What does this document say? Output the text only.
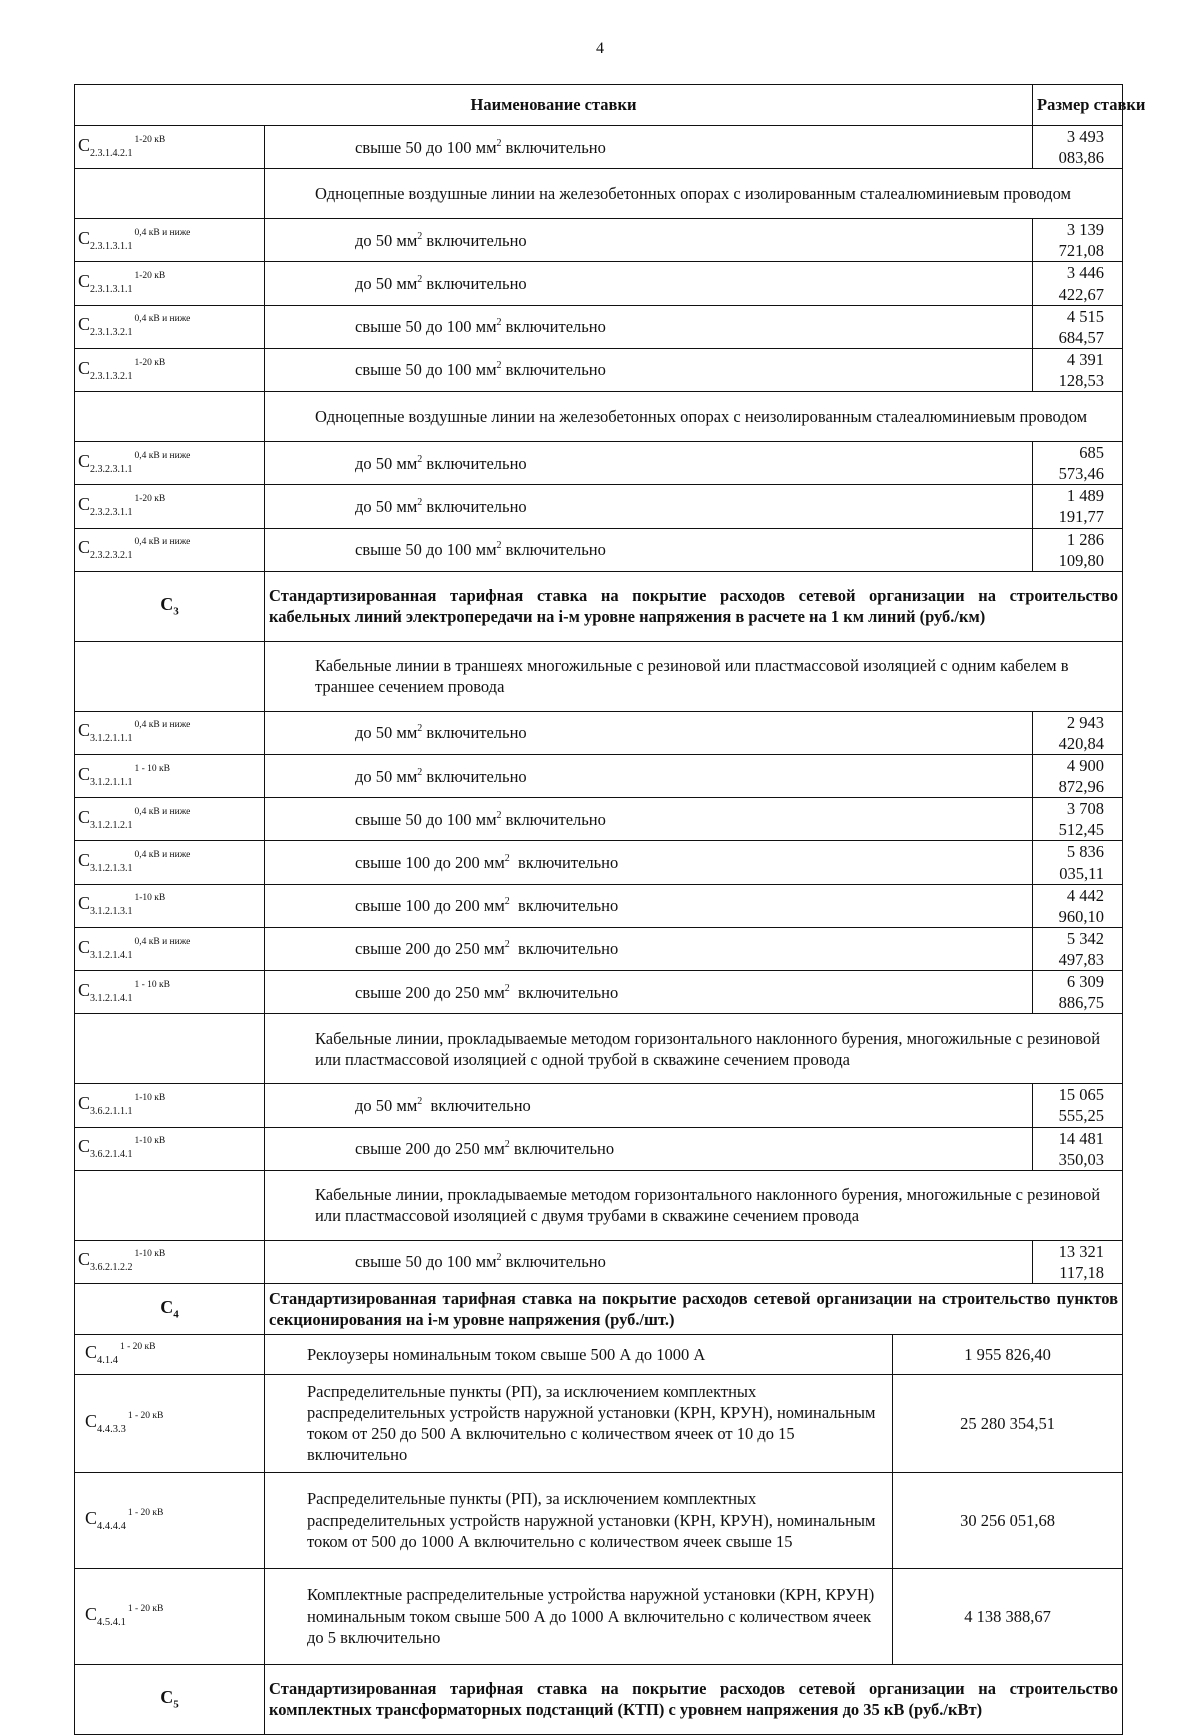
4
Наименование ставки			Размер ставки
$С_{2.3.1.4.2.1}^{1-20 кВ}$	свыше 50 до 100 $мм^2$ включительно		3 493 083,86
	Одноцепные воздушные линии на железобетонных опорах с изолированным сталеалюминиевым проводом		
$С_{2.3.1.3.1.1}^{0,4 кВ и ниже}$	до 50 $мм^2$ включительно		3 139 721,08
$С_{2.3.1.3.1.1}^{1-20 кВ}$	до 50 $мм^2$ включительно		3 446 422,67
$С_{2.3.1.3.2.1}^{0,4 кВ и ниже}$	свыше 50 до 100 $мм^2$ включительно		4 515 684,57
$С_{2.3.1.3.2.1}^{1-20 кВ}$	свыше 50 до 100 $мм^2$ включительно		4 391 128,53
	Одноцепные воздушные линии на железобетонных опорах с неизолированным сталеалюминиевым проводом		
$С_{2.3.2.3.1.1}^{0,4 кВ и ниже}$	до 50 $мм^2$ включительно		685 573,46
$С_{2.3.2.3.1.1}^{1-20 кВ}$	до 50 $мм^2$ включительно		1 489 191,77
$С_{2.3.2.3.2.1}^{0,4 кВ и ниже}$	свыше 50 до 100 $мм^2$ включительно		1 286 109,80
$С_3$	Стандартизированная тарифная ставка на покрытие расходов сетевой организации на строительство кабельных линий электропередачи на i-м уровне напряжения в расчете на 1 км линий (руб./км)		
	Кабельные линии в траншеях многожильные с резиновой или пластмассовой изоляцией с одним кабелем в траншее сечением провода		
$С_{3.1.2.1.1.1}^{0,4 кВ и ниже}$	до 50 $мм^2$ включительно		2 943 420,84
$С_{3.1.2.1.1.1}^{1 - 10 кВ}$	до 50 $мм^2$ включительно		4 900 872,96
$С_{3.1.2.1.2.1}^{0,4 кВ и ниже}$	свыше 50 до 100 $мм^2$ включительно		3 708 512,45
$С_{3.1.2.1.3.1}^{0,4 кВ и ниже}$	свыше 100 до 200 $мм^2$  включительно		5 836 035,11
$С_{3.1.2.1.3.1}^{1-10 кВ}$	свыше 100 до 200 $мм^2$  включительно		4 442 960,10
$С_{3.1.2.1.4.1}^{0,4 кВ и ниже}$	свыше 200 до 250 $мм^2$  включительно		5 342 497,83
$С_{3.1.2.1.4.1}^{1 - 10 кВ}$	свыше 200 до 250 $мм^2$  включительно		6 309 886,75
	Кабельные линии, прокладываемые методом горизонтального наклонного бурения, многожильные с резиновой или пластмассовой изоляцией с одной трубой в скважине сечением провода		
$С_{3.6.2.1.1.1}^{1-10 кВ}$	до 50 $мм^2$  включительно		15 065 555,25
$С_{3.6.2.1.4.1}^{1-10 кВ}$	свыше 200 до 250 $мм^2$ включительно		14 481 350,03
	Кабельные линии, прокладываемые методом горизонтального наклонного бурения, многожильные с резиновой или пластмассовой изоляцией с двумя трубами в скважине сечением провода		
$С_{3.6.2.1.2.2}^{1-10 кВ}$	свыше 50 до 100 $мм^2$ включительно		13 321 117,18
$С_4$	Стандартизированная тарифная ставка на покрытие расходов сетевой организации на строительство пунктов секционирования на i-м уровне напряжения (руб./шт.)		
$С_{4.1.4}^{1 - 20 кВ}$	Реклоузеры номинальным током свыше 500 А до 1000 А	1 955 826,40	
$С_{4.4.3.3}^{1 - 20 кВ}$	Распределительные пункты (РП), за исключением комплектных распределительных устройств наружной установки (КРН, КРУН), номинальным током от 250 до 500 А включительно с количеством ячеек от 10 до 15 включительно	25 280 354,51	
$С_{4.4.4.4}^{1 - 20 кВ}$	Распределительные пункты (РП), за исключением комплектных распределительных устройств наружной установки (КРН, КРУН), номинальным током от 500 до 1000 А включительно с количеством ячеек свыше 15	30 256 051,68	
$С_{4.5.4.1}^{1 - 20 кВ}$	Комплектные распределительные устройства наружной установки (КРН, КРУН) номинальным током свыше 500 А до 1000 А включительно с количеством ячеек до 5 включительно	4 138 388,67	
$С_5$	Стандартизированная тарифная ставка на покрытие расходов сетевой организации на строительство комплектных трансформаторных подстанций (КТП) с уровнем напряжения до 35 кВ (руб./кВт)		
